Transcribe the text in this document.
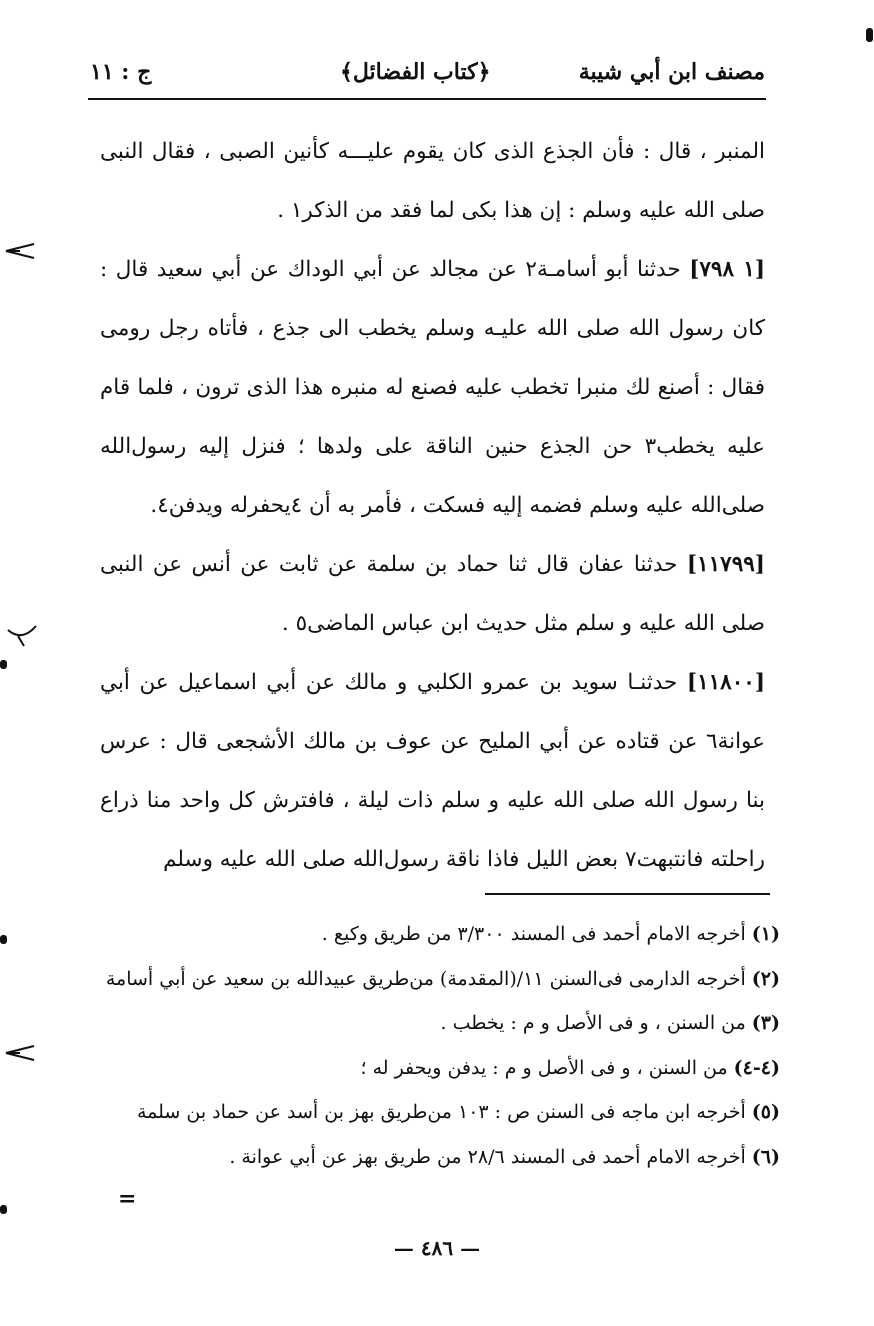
مصنف ابن أبي شيبة
﴿كتاب الفضائل﴾
ج : ١١

المنبر ، قال : فأن الجذع الذى كان يقوم عليـــه كأنين الصبى ، فقال النبى صلى الله عليه وسلم : إن هذا بكى لما فقد من الذكر١ .

[١ ٧٩٨] حدثنا أبو أسامـة٢ عن مجالد عن أبي الوداك عن أبي سعيد قال : كان رسول الله صلى الله عليـه وسلم يخطب الى جذع ، فأتاه رجل رومى فقال : أصنع لك منبرا تخطب عليه فصنع له منبره هذا الذى ترون ، فلما قام عليه يخطب٣ حن الجذع حنين الناقة على ولدها ؛ فنزل إليه رسول‌الله صلى‌الله عليه وسلم فضمه إليه فسكت ، فأمر به أن ٤يحفرله ويدفن٤.

[١١٧٩٩] حدثنا عفان قال ثنا حماد بن سلمة عن ثابت عن أنس عن النبى صلى الله عليه و سلم مثل حديث ابن عباس الماضى٥ .

[١١٨٠٠] حدثنـا سويد بن عمرو الكلبي و مالك عن أبي اسماعيل عن أبي عوانة٦ عن قتاده عن أبي المليح عن عوف بن مالك الأشجعى قال : عرس بنا رسول الله صلى الله عليه و سلم ذات ليلة ، فافترش كل واحد منا ذراع راحلته فانتبهت٧ بعض الليل فاذا ناقة رسول‌الله صلى الله عليه وسلم

(١)أخرجه الامام أحمد فى المسند ٣/٣٠٠ من طريق وكيع .

(٢)أخرجه الدارمى فى‌السنن ١١/(المقدمة) من‌طريق عبيدالله بن سعيد عن أبي أسامة

(٣)من السنن ، و فى الأصل و م : يخطب .

(٤-٤)من السنن ، و فى الأصل و م : يدفن ويحفر له ؛

(٥)أخرجه ابن ماجه فى السنن ص : ١٠٣ من‌طريق بهز بن أسد عن حماد بن سلمة

(٦)أخرجه الامام أحمد فى المسند ٢٨/٦ من طريق بهز عن أبي عوانة .

=
— ٤٨٦ —
